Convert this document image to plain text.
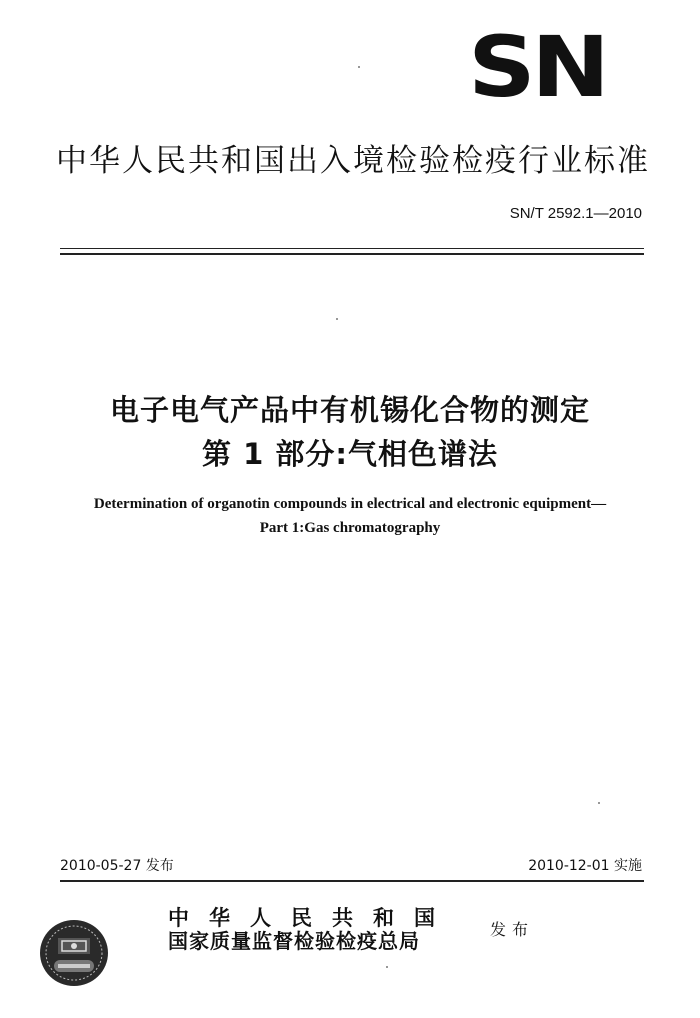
SN
中华人民共和国出入境检验检疫行业标准
SN/T 2592.1—2010
电子电气产品中有机锡化合物的测定
第 1 部分:气相色谱法
Determination of organotin compounds in electrical and electronic equipment—
Part 1:Gas chromatography
2010-05-27 发布	2010-12-01 实施
中华人民共和国
国家质量监督检验检疫总局	发布
